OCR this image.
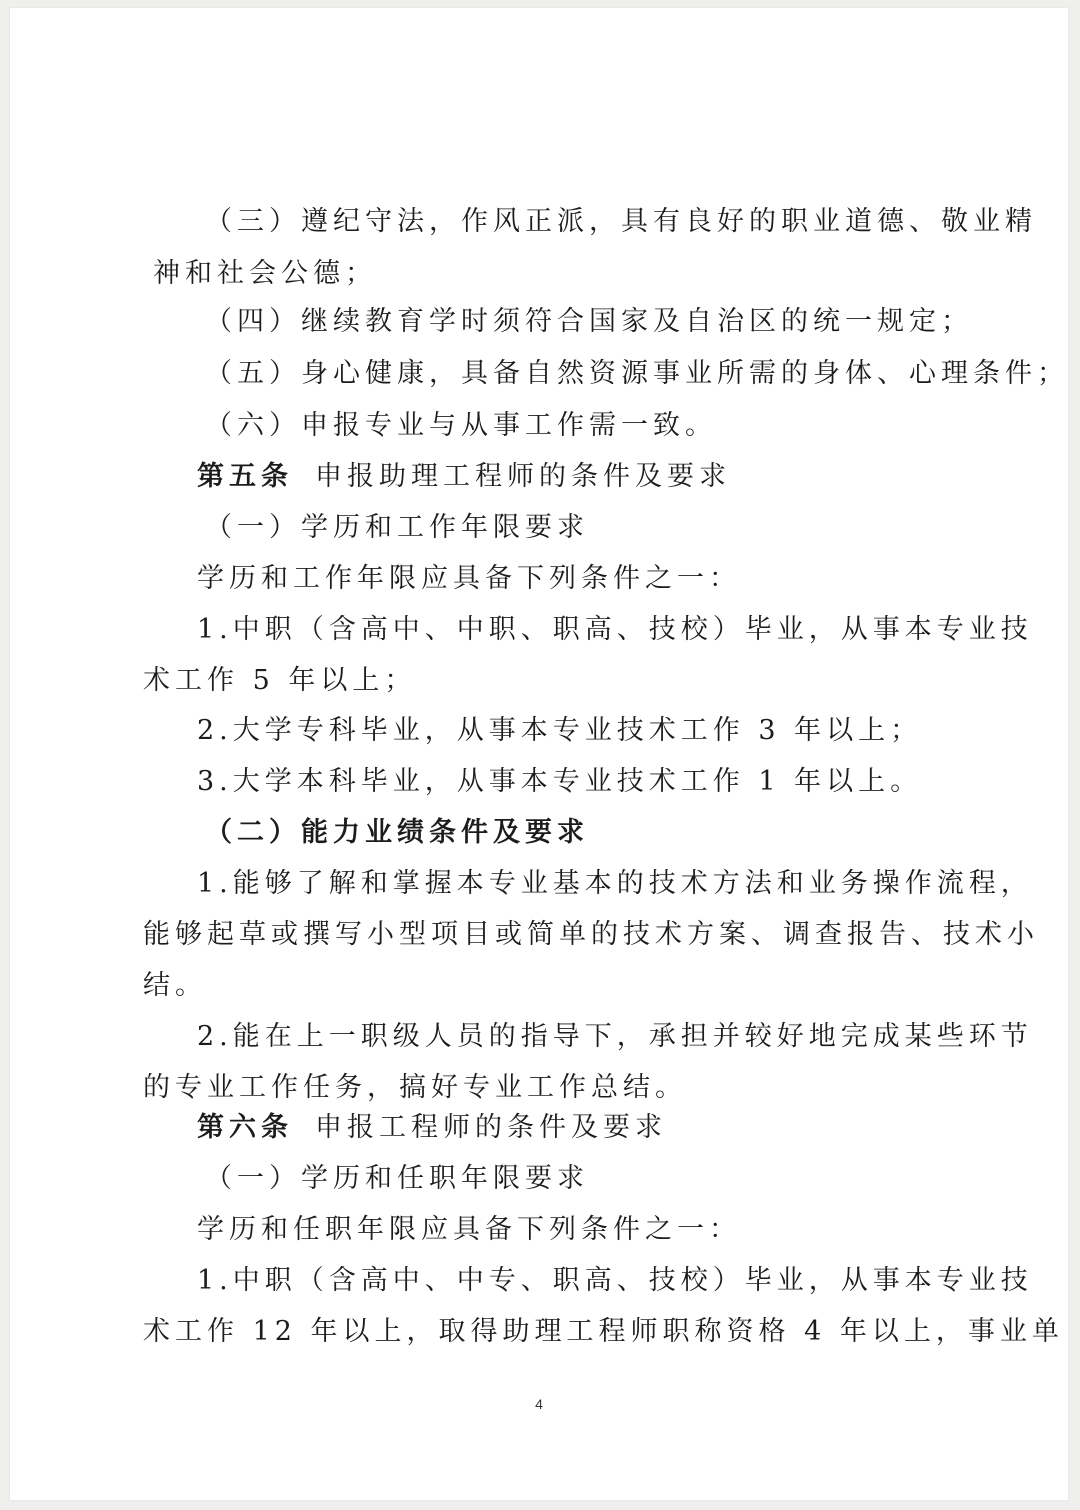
（三）遵纪守法，作风正派，具有良好的职业道德、敬业精

神和社会公德；

（四）继续教育学时须符合国家及自治区的统一规定；

（五）身心健康，具备自然资源事业所需的身体、心理条件；

（六）申报专业与从事工作需一致。

第五条 申报助理工程师的条件及要求

（一）学历和工作年限要求

学历和工作年限应具备下列条件之一：

1.中职（含高中、中职、职高、技校）毕业，从事本专业技

术工作 5 年以上；

2.大学专科毕业，从事本专业技术工作 3 年以上；

3.大学本科毕业，从事本专业技术工作 1 年以上。

（二）能力业绩条件及要求

1.能够了解和掌握本专业基本的技术方法和业务操作流程，

能够起草或撰写小型项目或简单的技术方案、调查报告、技术小

结。

2.能在上一职级人员的指导下，承担并较好地完成某些环节

的专业工作任务，搞好专业工作总结。

第六条 申报工程师的条件及要求

（一）学历和任职年限要求

学历和任职年限应具备下列条件之一：

1.中职（含高中、中专、职高、技校）毕业，从事本专业技

术工作 12 年以上，取得助理工程师职称资格 4 年以上，事业单

4
